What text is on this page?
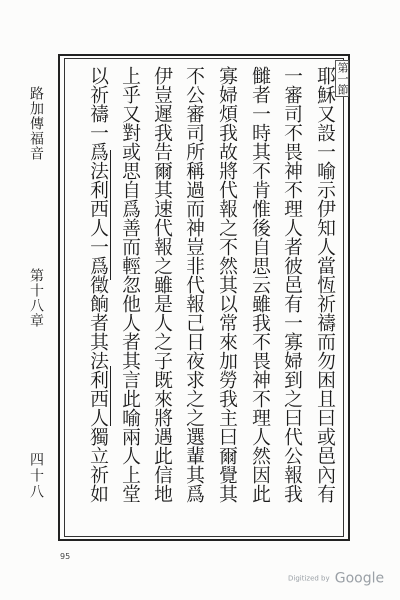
第一節
耶穌又設一喻示伊知人當恆祈禱而勿困且曰或邑內有
一審司不畏神不理人者彼邑有一寡婦到之曰代公報我
雠者一時其不肯惟後自思云雖我不畏神不理人然因此
寡婦煩我故將代報之不然其以常來加勞我主曰爾覺其
不公審司所稱過而神豈非代報己日夜求之之選輩其爲
伊豈遲我告爾其速代報之雖是人之子既來將遇此信地
上乎又對或思自爲善而輕忽他人者其言此喻兩人上堂
以祈禱一爲法利西人一爲徵餉者其法利西人獨立祈如
路加傳福音
第十八章
四十八
95
Digitized by Google
